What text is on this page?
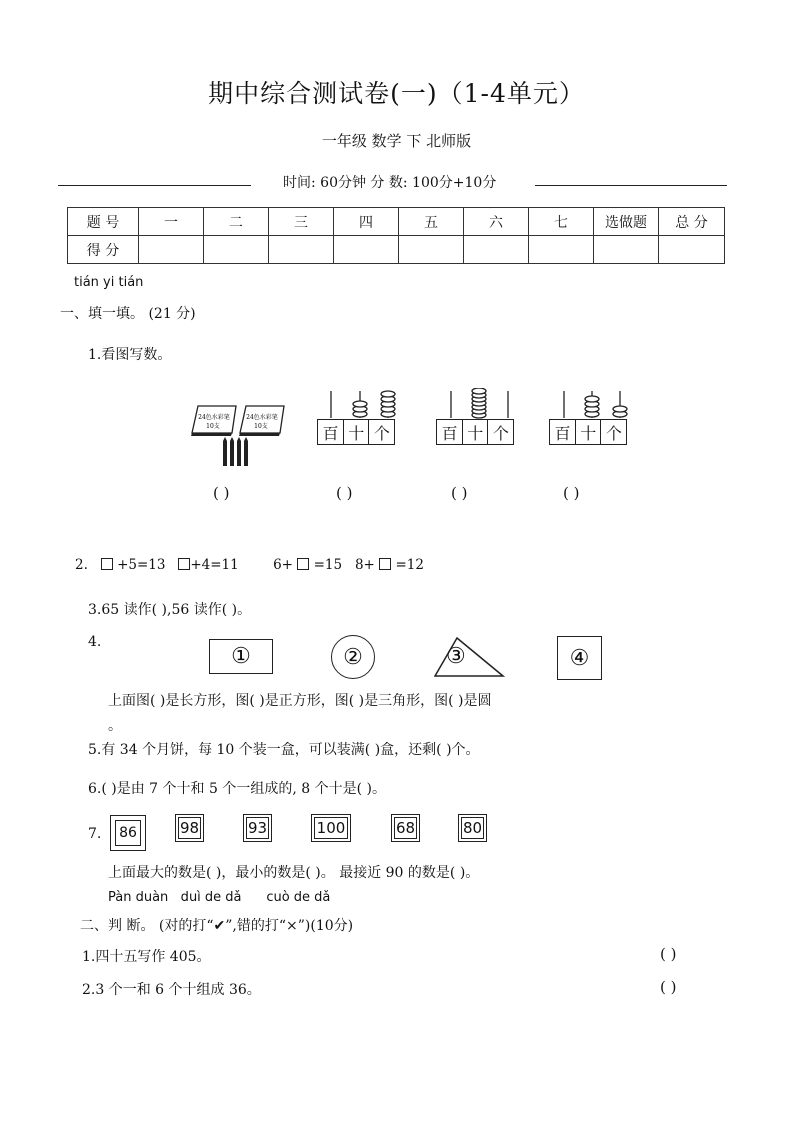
期中综合测试卷(一)（1-4单元）
一年级 数学 下 北师版
时间: 60分钟 分 数: 100分+10分
题 号	一	二	三	四	五	六	七	选做题	总 分
得 分									
tián yi tián
一、填一填。 (21 分)
1.看图写数。
24色水彩笔
10支
24色水彩笔
10支	百 十 个	百 十 个	百 十 个
( )	( )	( )	( )
2. +5=13 +4=11	6+ =15 8+ =12
3.65 读作( ),56 读作( )。
4.
①	②	③	④
上面图( )是长方形，图( )是正方形，图( )是三角形，图( )是圆
。
5.有 34 个月饼，每 10 个装一盒，可以装满( )盒，还剩( )个。
6.( )是由 7 个十和 5 个一组成的, 8 个十是( )。
7. 86	98	93	100	68	80
上面最大的数是( )，最小的数是( )。 最接近 90 的数是( )。
Pàn duàn   duì de dǎ      cuò de dǎ
二、判 断。 (对的打“✔”,错的打“×”)(10分)
1.四十五写作 405。	( )
2.3 个一和 6 个十组成 36。	( )
